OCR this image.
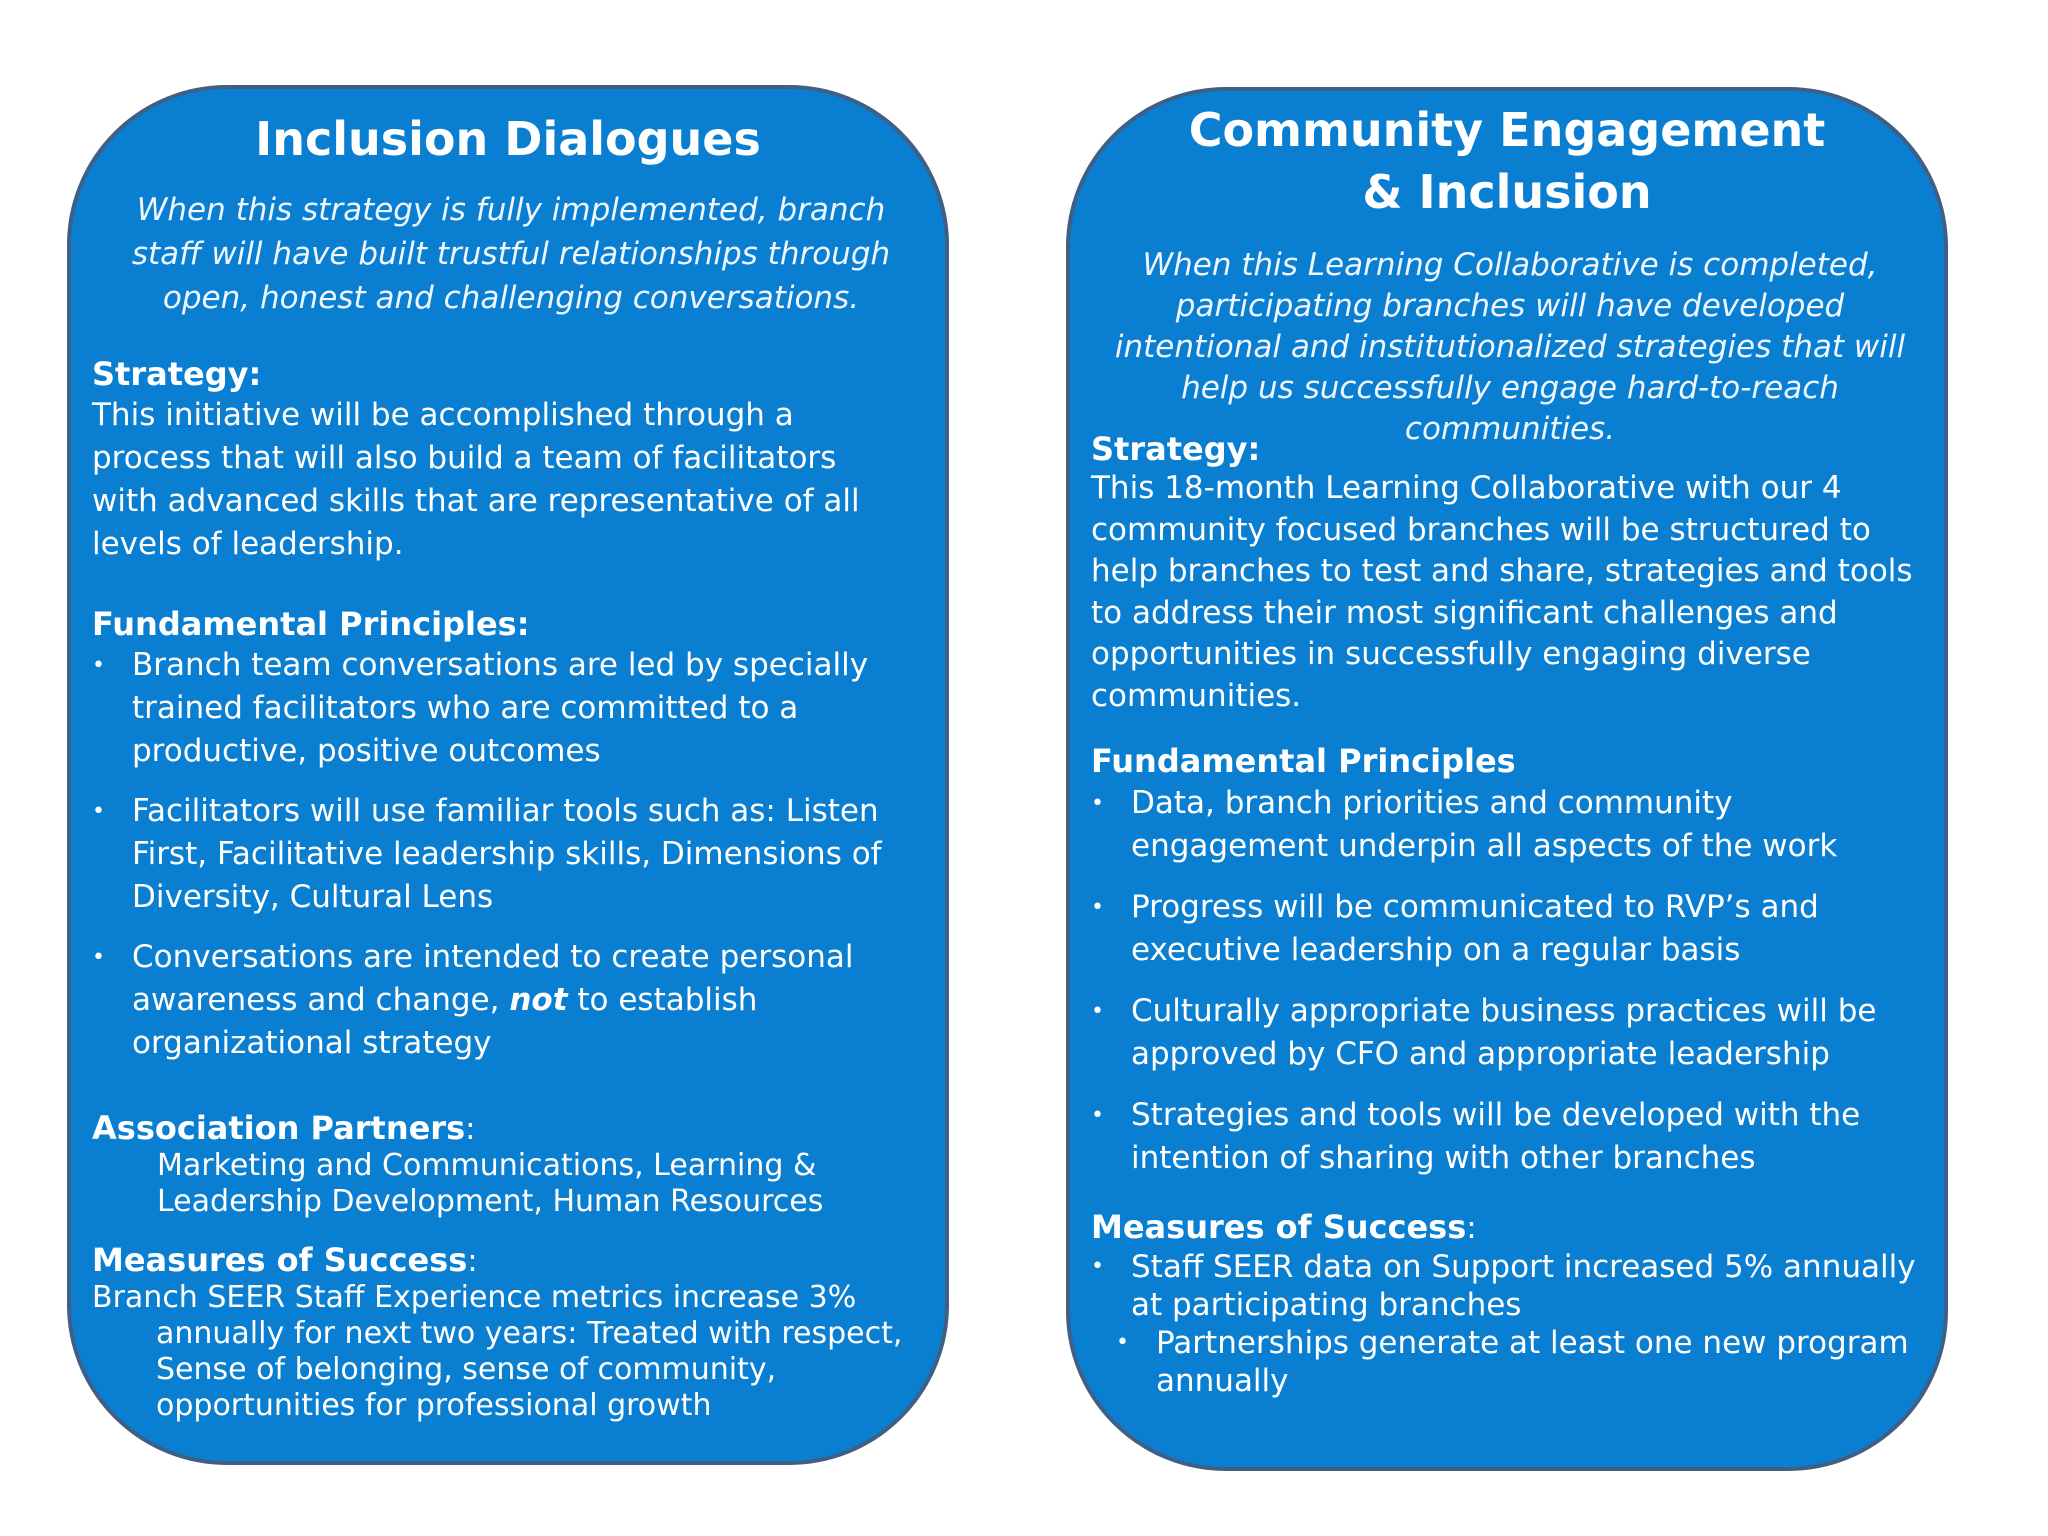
Inclusion Dialogues
When this strategy is fully implemented, branch staff will have built trustful relationships through open, honest and challenging conversations.
Strategy:
This initiative will be accomplished through a process that will also build a team of facilitators with advanced skills that are representative of all levels of leadership.
Fundamental Principles:
• Branch team conversations are led by specially trained facilitators who are committed to a productive, positive outcomes
• Facilitators will use familiar tools such as: Listen First, Facilitative leadership skills, Dimensions of Diversity, Cultural Lens
• Conversations are intended to create personal awareness and change, not to establish organizational strategy
Association Partners:
Marketing and Communications, Learning & Leadership Development, Human Resources
Measures of Success:
Branch SEER Staff Experience metrics increase 3% annually for next two years: Treated with respect, Sense of belonging, sense of community, opportunities for professional growth
Community Engagement
& Inclusion
When this Learning Collaborative is completed, participating branches will have developed intentional and institutionalized strategies that will help us successfully engage hard-to-reach communities.
Strategy:
This 18-month Learning Collaborative with our 4 community focused branches will be structured to help branches to test and share, strategies and tools to address their most significant challenges and opportunities in successfully engaging diverse communities.
Fundamental Principles
• Data, branch priorities and community engagement underpin all aspects of the work
• Progress will be communicated to RVP’s and executive leadership on a regular basis
• Culturally appropriate business practices will be approved by CFO and appropriate leadership
• Strategies and tools will be developed with the intention of sharing with other branches
Measures of Success:
• Staff SEER data on Support increased 5% annually at participating branches
• Partnerships generate at least one new program annually
